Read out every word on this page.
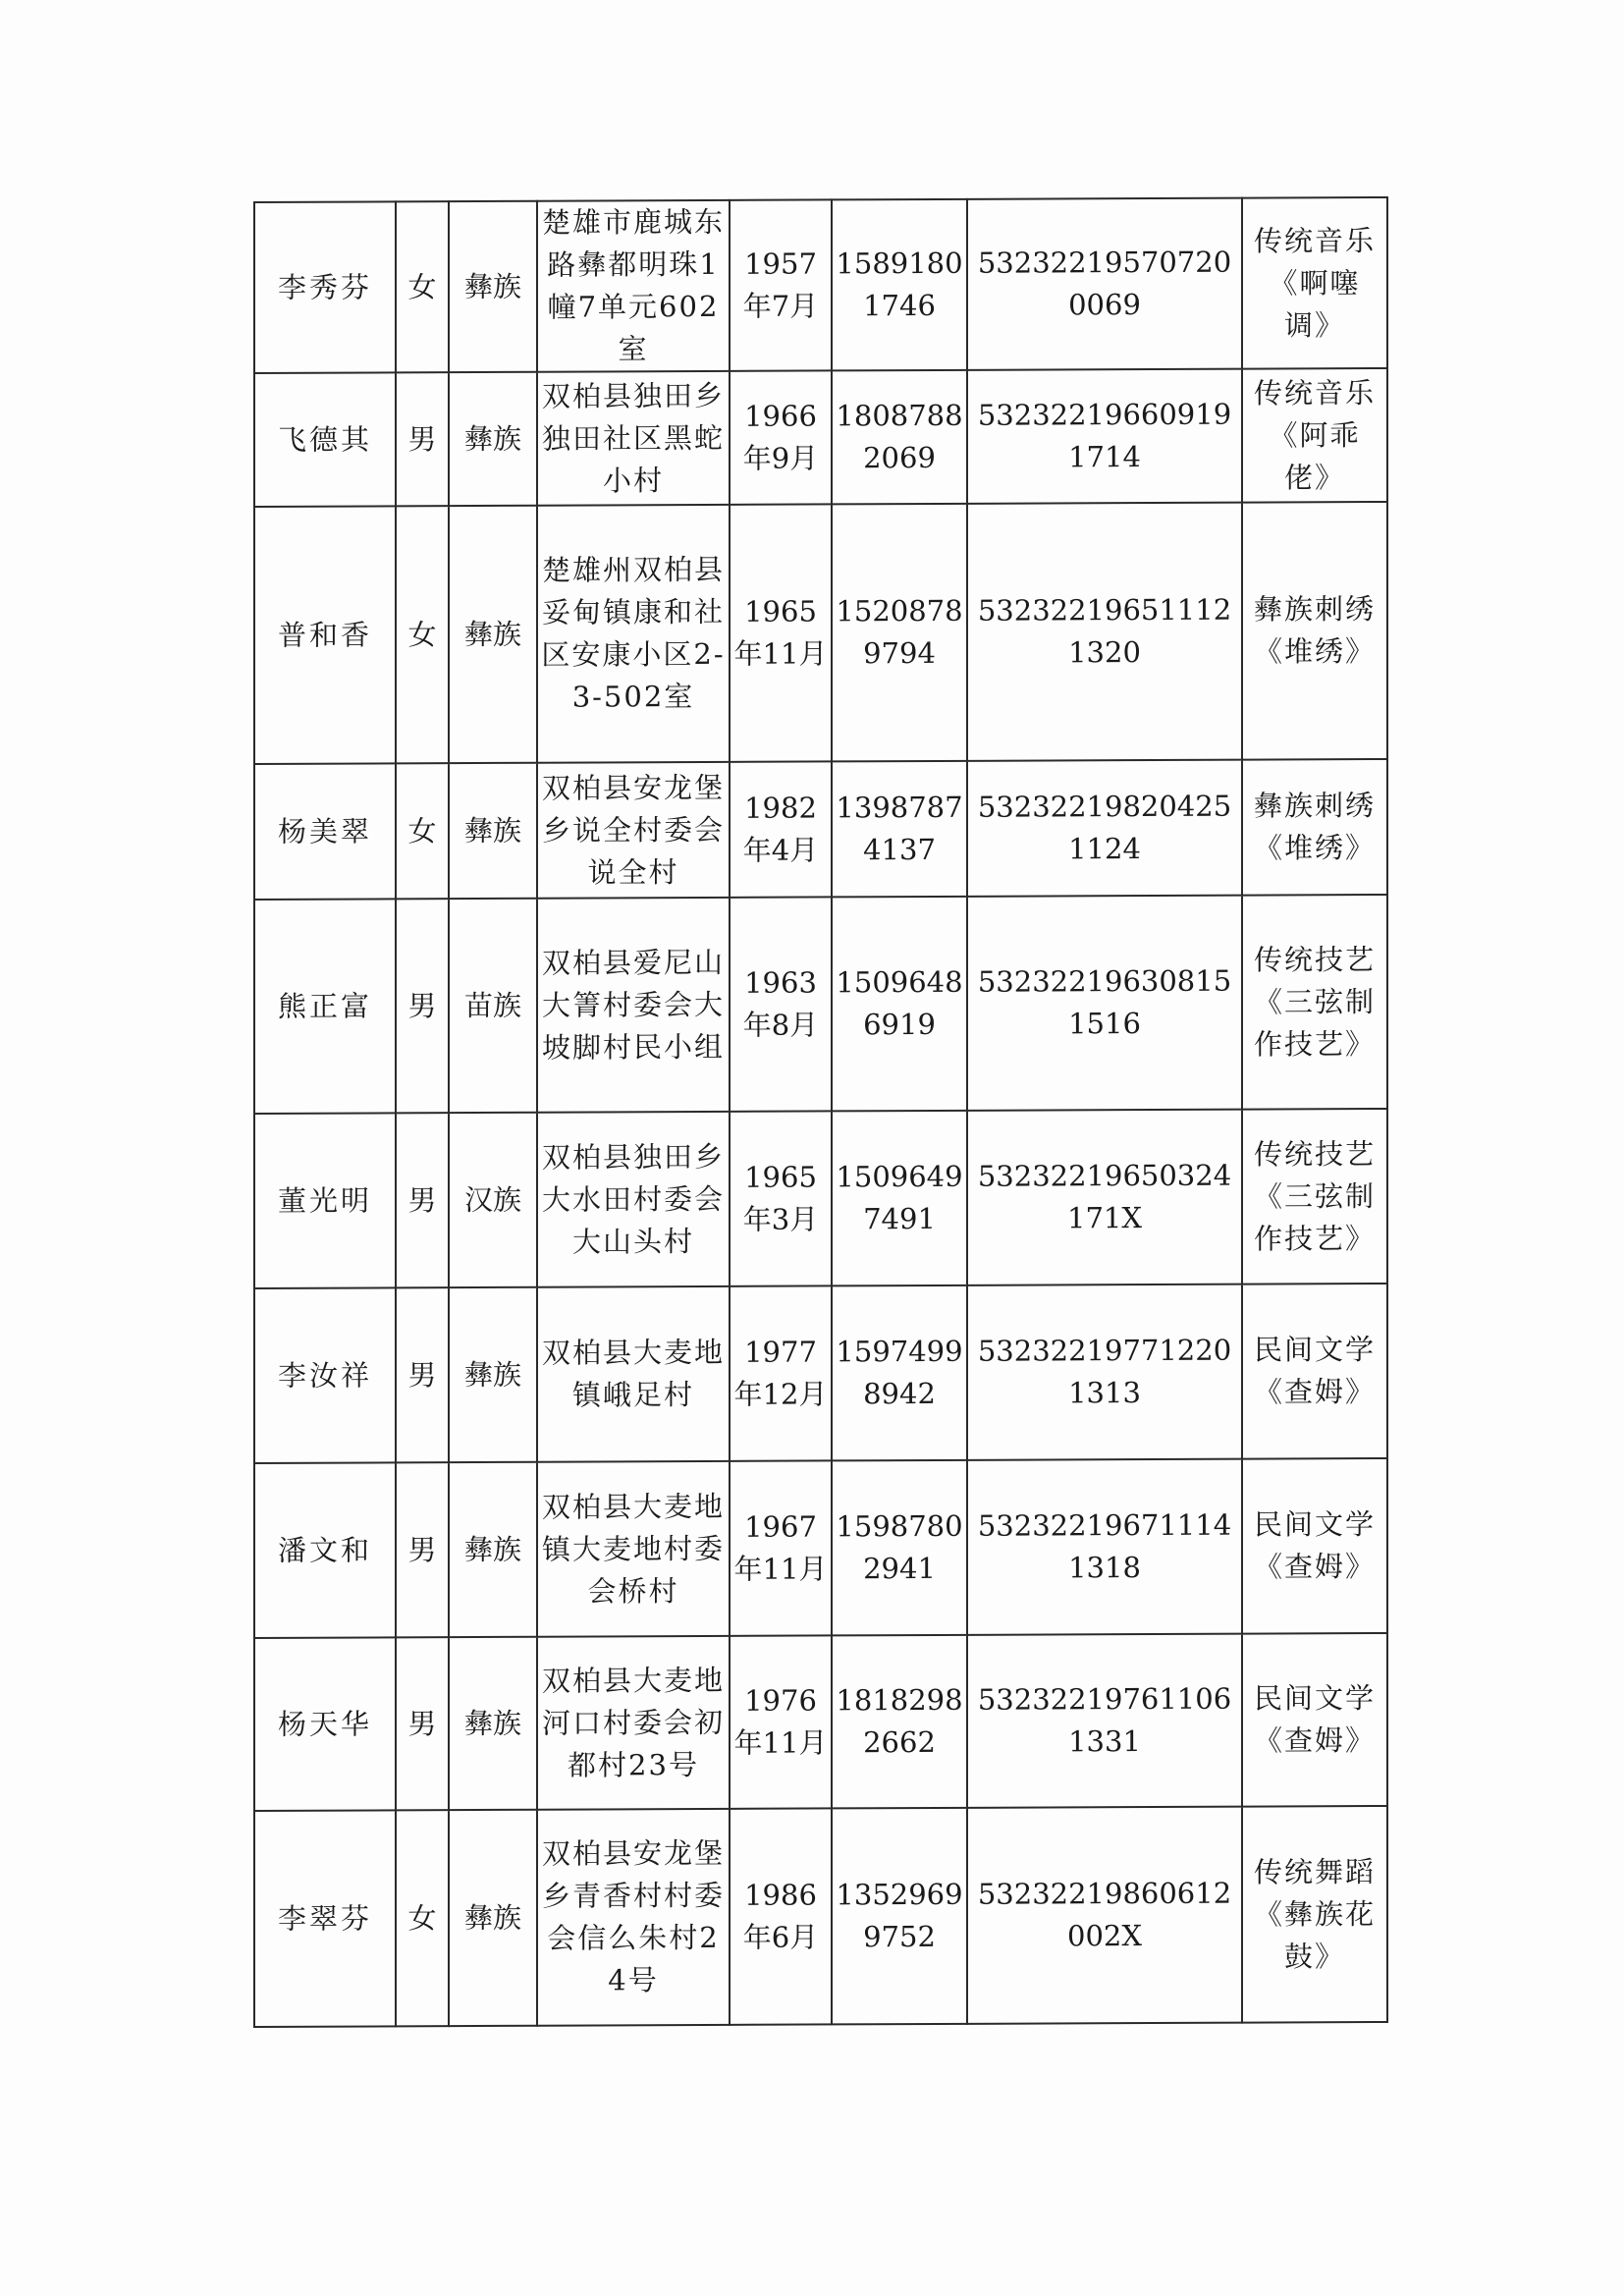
李秀芬	女	彝族	楚雄市鹿城东路彝都明珠1幢7单元602室	1957年7月	15891801746	532322195707200069	传统音乐《啊噻调》
飞德其	男	彝族	双柏县独田乡独田社区黑蛇小村	1966年9月	18087882069	532322196609191714	传统音乐《阿乖佬》
普和香	女	彝族	楚雄州双柏县妥甸镇康和社区安康小区2-3-502室	1965年11月	15208789794	532322196511121320	彝族刺绣《堆绣》
杨美翠	女	彝族	双柏县安龙堡乡说全村委会说全村	1982年4月	13987874137	532322198204251124	彝族刺绣《堆绣》
熊正富	男	苗族	双柏县爱尼山大箐村委会大坡脚村民小组	1963年8月	15096486919	532322196308151516	传统技艺《三弦制作技艺》
董光明	男	汉族	双柏县独田乡大水田村委会大山头村	1965年3月	15096497491	53232219650324171X	传统技艺《三弦制作技艺》
李汝祥	男	彝族	双柏县大麦地镇峨足村	1977年12月	15974998942	532322197712201313	民间文学《查姆》
潘文和	男	彝族	双柏县大麦地镇大麦地村委会桥村	1967年11月	15987802941	532322196711141318	民间文学《查姆》
杨天华	男	彝族	双柏县大麦地河口村委会初都村23号	1976年11月	18182982662	532322197611061331	民间文学《查姆》
李翠芬	女	彝族	双柏县安龙堡乡青香村村委会信么朱村24号	1986年6月	13529699752	53232219860612002X	传统舞蹈《彝族花鼓》
